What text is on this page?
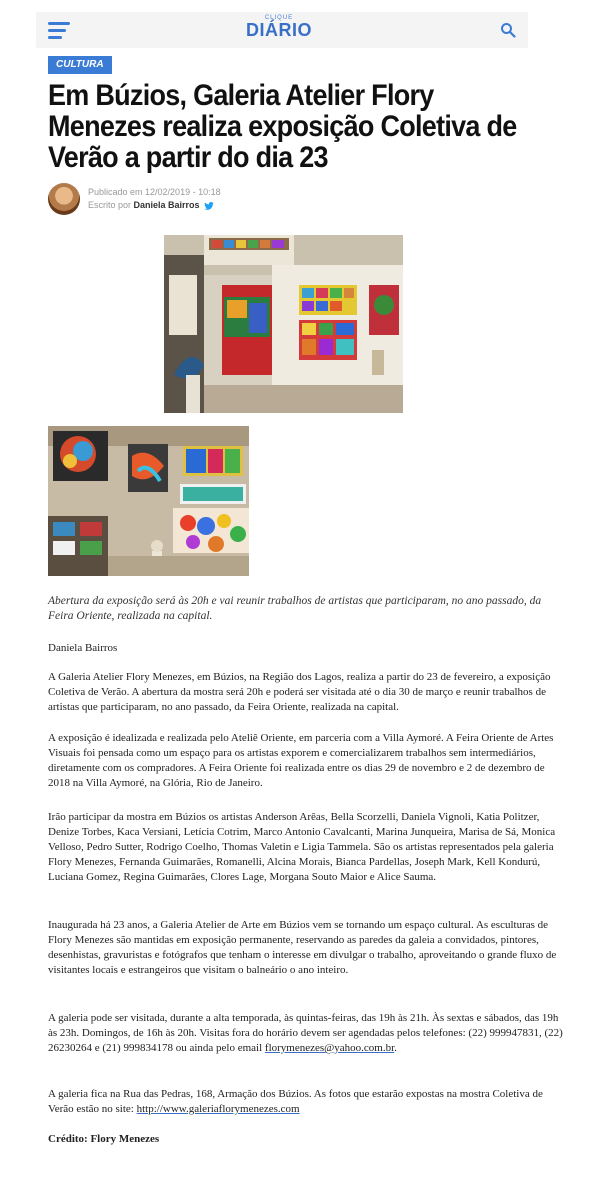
CLIQUE
DIÁRIO
CULTURA
Em Búzios, Galeria Atelier Flory Menezes realiza exposição Coletiva de Verão a partir do dia 23
Publicado em 12/02/2019 - 10:18
Escrito por Daniela Bairros
Abertura da exposição será às 20h e vai reunir trabalhos de artistas que participaram, no ano passado, da Feira Oriente, realizada na capital.
Daniela Bairros
A Galeria Atelier Flory Menezes, em Búzios, na Região dos Lagos, realiza a partir do 23 de fevereiro, a exposição Coletiva de Verão. A abertura da mostra será 20h e poderá ser visitada até o dia 30 de março e reunir trabalhos de artistas que participaram, no ano passado, da Feira Oriente, realizada na capital.
A exposição é idealizada e realizada pelo Ateliê Oriente, em parceria com a Villa Aymoré. A Feira Oriente de Artes Visuais foi pensada como um espaço para os artistas exporem e comercializarem trabalhos sem intermediários, diretamente com os compradores. A Feira Oriente foi realizada entre os dias 29 de novembro e 2 de dezembro de 2018 na Villa Aymoré, na Glória, Rio de Janeiro.
Irão participar da mostra em Búzios os artistas Anderson Arêas, Bella Scorzelli, Daniela Vignoli, Katia Politzer, Denize Torbes, Kaca Versiani, Letícia Cotrim, Marco Antonio Cavalcanti, Marina Junqueira, Marisa de Sá, Monica Velloso, Pedro Sutter, Rodrigo Coelho, Thomas Valetin e Ligia Tammela. São os artistas representados pela galeria Flory Menezes, Fernanda Guimarães, Romanelli, Alcina Morais, Bianca Pardellas, Joseph Mark, Kell Kondurú, Luciana Gomez, Regina Guimarães, Clores Lage, Morgana Souto Maior e Alice Sauma.
Inaugurada há 23 anos, a Galeria Atelier de Arte em Búzios vem se tornando um espaço cultural. As esculturas de Flory Menezes são mantidas em exposição permanente, reservando as paredes da galeia a convidados, pintores, desenhistas, gravuristas e fotógrafos que tenham o interesse em divulgar o trabalho, aproveitando o grande fluxo de visitantes locais e estrangeiros que visitam o balneário o ano inteiro.
A galeria pode ser visitada, durante a alta temporada, às quintas-feiras, das 19h às 21h. Às sextas e sábados, das 19h às 23h. Domingos, de 16h às 20h. Visitas fora do horário devem ser agendadas pelos telefones: (22) 999947831, (22) 26230264 e (21) 999834178 ou ainda pelo email florymenezes@yahoo.com.br.
A galeria fica na Rua das Pedras, 168, Armação dos Búzios. As fotos que estarão expostas na mostra Coletiva de Verão estão no site: http://www.galeriaflorymenezes.com
Crédito: Flory Menezes
